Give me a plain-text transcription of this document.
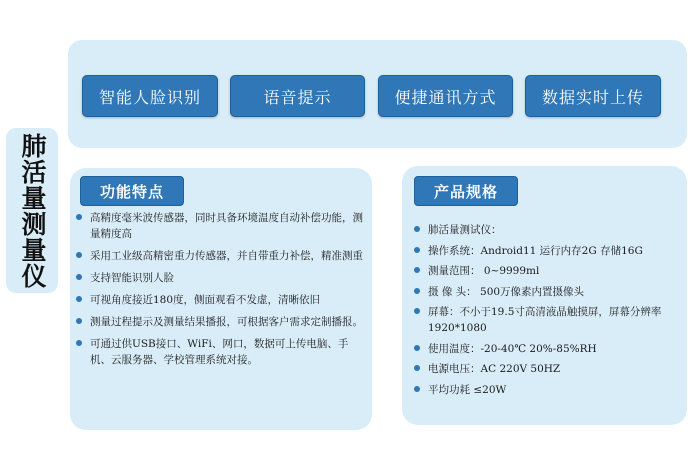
智能人脸识别	语音提示	便捷通讯方式	数据实时上传
肺活量测量仪	功能特点
高精度毫米波传感器，同时具备环境温度自动补偿功能，测量精度高
采用工业级高精密重力传感器，并自带重力补偿，精准测重
支持智能识别人脸
可视角度接近180度，侧面观看不发虚，清晰依旧
测量过程提示及测量结果播报，可根据客户需求定制播报。
可通过供USB接口、WiFi、网口，数据可上传电脑、手机、云服务器、学校管理系统对接。
产品规格
肺活量测试仪：
操作系统：Android11 运行内存2G 存储16G
测量范围： 0~9999ml
摄 像 头： 500万像素内置摄像头
屏幕：不小于19.5寸高清液晶触摸屏，屏幕分辨率 1920*1080
使用温度：-20-40℃ 20%-85%RH
电源电压：AC 220V 50HZ
平均功耗 ≤20W
